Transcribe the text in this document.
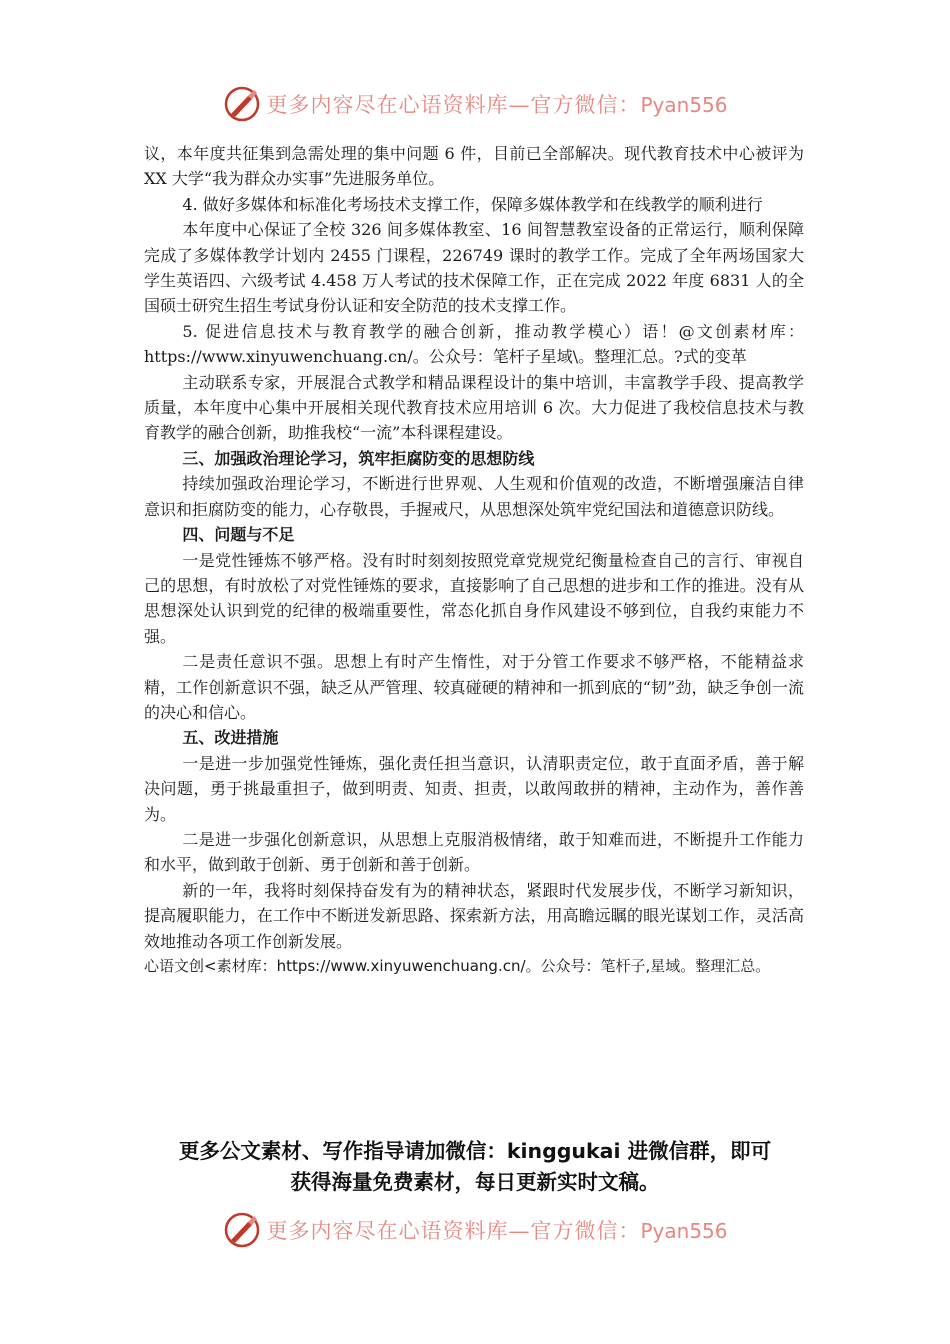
更多内容尽在心语资料库—官方微信：Pyan556

议，本年度共征集到急需处理的集中问题 6 件，目前已全部解决。现代教育技术中心被评为 XX 大学“我为群众办实事”先进服务单位。

4. 做好多媒体和标准化考场技术支撑工作，保障多媒体教学和在线教学的顺利进行

本年度中心保证了全校 326 间多媒体教室、16 间智慧教室设备的正常运行，顺利保障完成了多媒体教学计划内 2455 门课程，226749 课时的教学工作。完成了全年两场国家大学生英语四、六级考试 4.458 万人考试的技术保障工作，正在完成 2022 年度 6831 人的全国硕士研究生招生考试身份认证和安全防范的技术支撑工作。

5. 促进信息技术与教育教学的融合创新，推动教学模心）语！@文创素材库：https://www.xinyuwenchuang.cn/。公众号：笔杆子星域\。整理汇总。?式的变革

主动联系专家，开展混合式教学和精品课程设计的集中培训，丰富教学手段、提高教学质量，本年度中心集中开展相关现代教育技术应用培训 6 次。大力促进了我校信息技术与教育教学的融合创新，助推我校“一流”本科课程建设。

三、加强政治理论学习，筑牢拒腐防变的思想防线

持续加强政治理论学习，不断进行世界观、人生观和价值观的改造，不断增强廉洁自律意识和拒腐防变的能力，心存敬畏，手握戒尺，从思想深处筑牢党纪国法和道德意识防线。

四、问题与不足

一是党性锤炼不够严格。没有时时刻刻按照党章党规党纪衡量检查自己的言行、审视自己的思想，有时放松了对党性锤炼的要求，直接影响了自己思想的进步和工作的推进。没有从思想深处认识到党的纪律的极端重要性，常态化抓自身作风建设不够到位，自我约束能力不强。

二是责任意识不强。思想上有时产生惰性，对于分管工作要求不够严格，不能精益求精，工作创新意识不强，缺乏从严管理、较真碰硬的精神和一抓到底的“韧”劲，缺乏争创一流的决心和信心。

五、改进措施

一是进一步加强党性锤炼，强化责任担当意识，认清职责定位，敢于直面矛盾，善于解决问题，勇于挑最重担子，做到明责、知责、担责，以敢闯敢拼的精神，主动作为，善作善为。

二是进一步强化创新意识，从思想上克服消极情绪，敢于知难而进，不断提升工作能力和水平，做到敢于创新、勇于创新和善于创新。

新的一年，我将时刻保持奋发有为的精神状态，紧跟时代发展步伐，不断学习新知识，提高履职能力，在工作中不断迸发新思路、探索新方法，用高瞻远瞩的眼光谋划工作，灵活高效地推动各项工作创新发展。

心语文创<素材库：https://www.xinyuwenchuang.cn/。公众号：笔杆子,星域。整理汇总。

更多公文素材、写作指导请加微信：kinggukai 进微信群，即可
获得海量免费素材，每日更新实时文稿。
更多内容尽在心语资料库—官方微信：Pyan556
